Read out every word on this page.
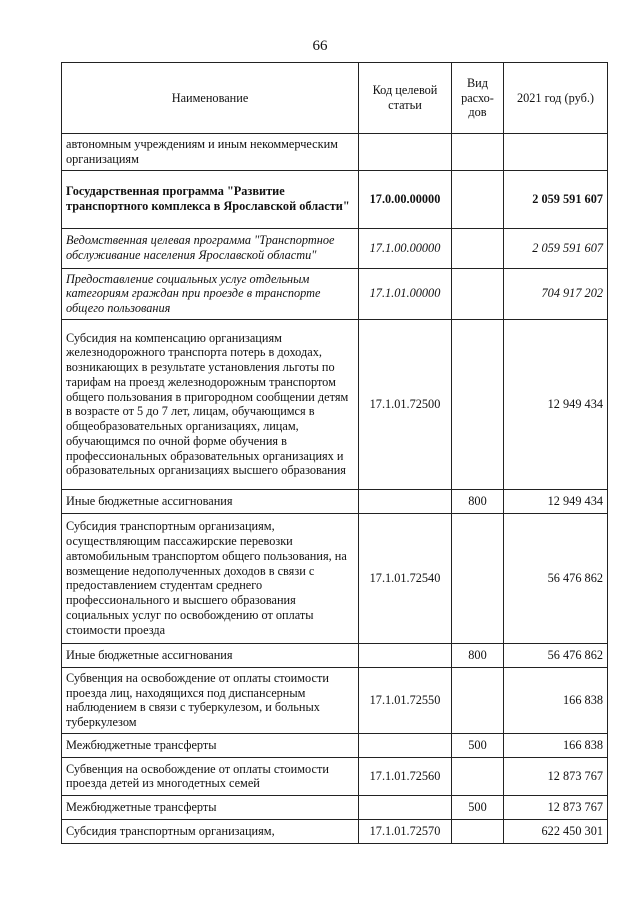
66
Наименование	Код целевой статьи	Вид расхо-дов	2021 год (руб.)
автономным учреждениям и иным некоммерческим организациям			
Государственная программа "Развитие транспортного комплекса в Ярославской области"	17.0.00.00000		2 059 591 607
Ведомственная целевая программа "Транспортное обслуживание населения Ярославской области"	17.1.00.00000		2 059 591 607
Предоставление социальных услуг отдельным категориям граждан при проезде в транспорте общего пользования	17.1.01.00000		704 917 202
Субсидия на компенсацию организациям железнодорожного транспорта потерь в доходах, возникающих в результате установления льготы по тарифам на проезд железнодорожным транспортом общего пользования в пригородном сообщении детям в возрасте от 5 до 7 лет, лицам, обучающимся в общеобразовательных организациях, лицам, обучающимся по очной форме обучения в профессиональных образовательных организациях и образовательных организациях высшего образования	17.1.01.72500		12 949 434
Иные бюджетные ассигнования		800	12 949 434
Субсидия транспортным организациям, осуществляющим пассажирские перевозки автомобильным транспортом общего пользования, на возмещение недополученных доходов в связи с предоставлением студентам среднего профессионального и высшего образования социальных услуг по освобождению от оплаты стоимости проезда	17.1.01.72540		56 476 862
Иные бюджетные ассигнования		800	56 476 862
Субвенция на освобождение от оплаты стоимости проезда лиц, находящихся под диспансерным наблюдением в связи с туберкулезом, и больных туберкулезом	17.1.01.72550		166 838
Межбюджетные трансферты		500	166 838
Субвенция на освобождение от оплаты стоимости проезда детей из многодетных семей	17.1.01.72560		12 873 767
Межбюджетные трансферты		500	12 873 767
Субсидия транспортным организациям,	17.1.01.72570		622 450 301
